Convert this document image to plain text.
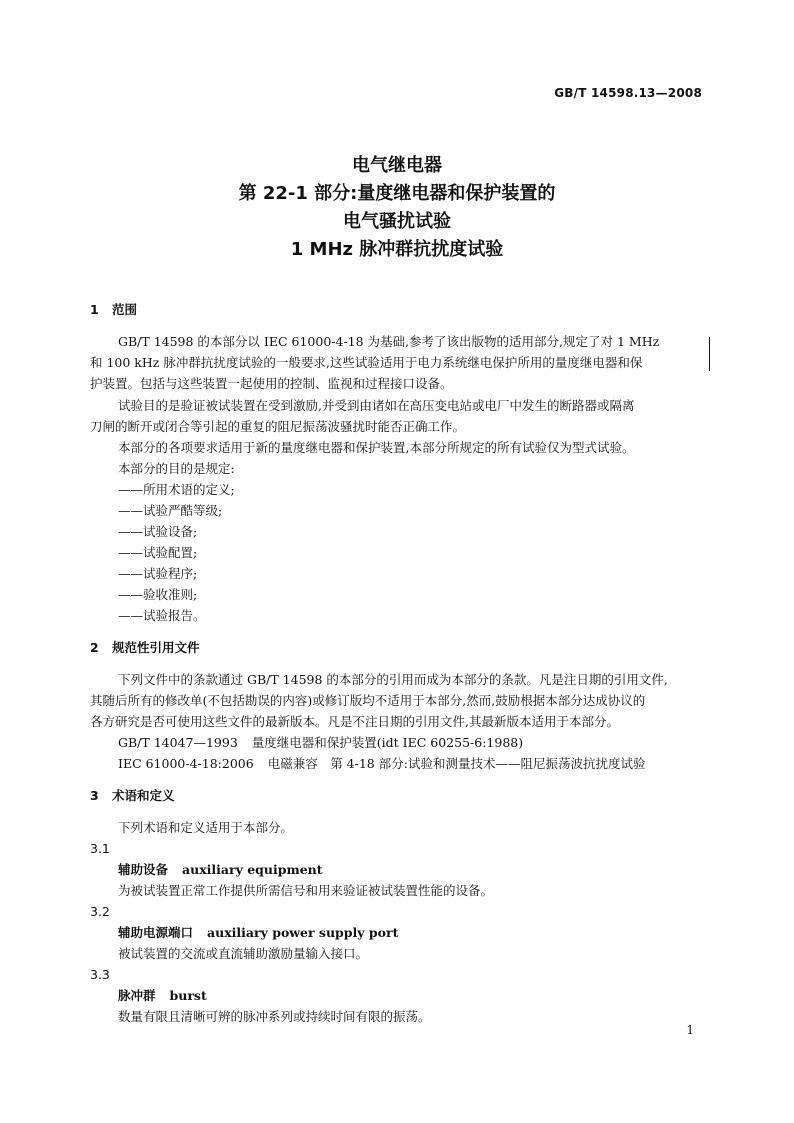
GB/T 14598.13—2008
电气继电器
第 22-1 部分:量度继电器和保护装置的
电气骚扰试验
1 MHz 脉冲群抗扰度试验
1 范围
GB/T 14598 的本部分以 IEC 61000-4-18 为基础,参考了该出版物的适用部分,规定了对 1 MHz
和 100 kHz 脉冲群抗扰度试验的一般要求,这些试验适用于电力系统继电保护所用的量度继电器和保
护装置。包括与这些装置一起使用的控制、监视和过程接口设备。
试验目的是验证被试装置在受到激励,并受到由诸如在高压变电站或电厂中发生的断路器或隔离
刀闸的断开或闭合等引起的重复的阻尼振荡波骚扰时能否正确工作。
本部分的各项要求适用于新的量度继电器和保护装置,本部分所规定的所有试验仅为型式试验。
本部分的目的是规定:
——所用术语的定义;
——试验严酷等级;
——试验设备;
——试验配置;
——试验程序;
——验收准则;
——试验报告。
2 规范性引用文件
下列文件中的条款通过 GB/T 14598 的本部分的引用而成为本部分的条款。凡是注日期的引用文件,
其随后所有的修改单(不包括勘误的内容)或修订版均不适用于本部分,然而,鼓励根据本部分达成协议的
各方研究是否可使用这些文件的最新版本。凡是不注日期的引用文件,其最新版本适用于本部分。
GB/T 14047—1993 量度继电器和保护装置(idt IEC 60255-6:1988)
IEC 61000-4-18:2006 电磁兼容　第 4-18 部分:试验和测量技术——阻尼振荡波抗扰度试验
3 术语和定义
下列术语和定义适用于本部分。
3.1
辅助设备 auxiliary equipment
为被试装置正常工作提供所需信号和用来验证被试装置性能的设备。
3.2
辅助电源端口 auxiliary power supply port
被试装置的交流或直流辅助激励量输入接口。
3.3
脉冲群 burst
数量有限且清晰可辨的脉冲系列或持续时间有限的振荡。
1
